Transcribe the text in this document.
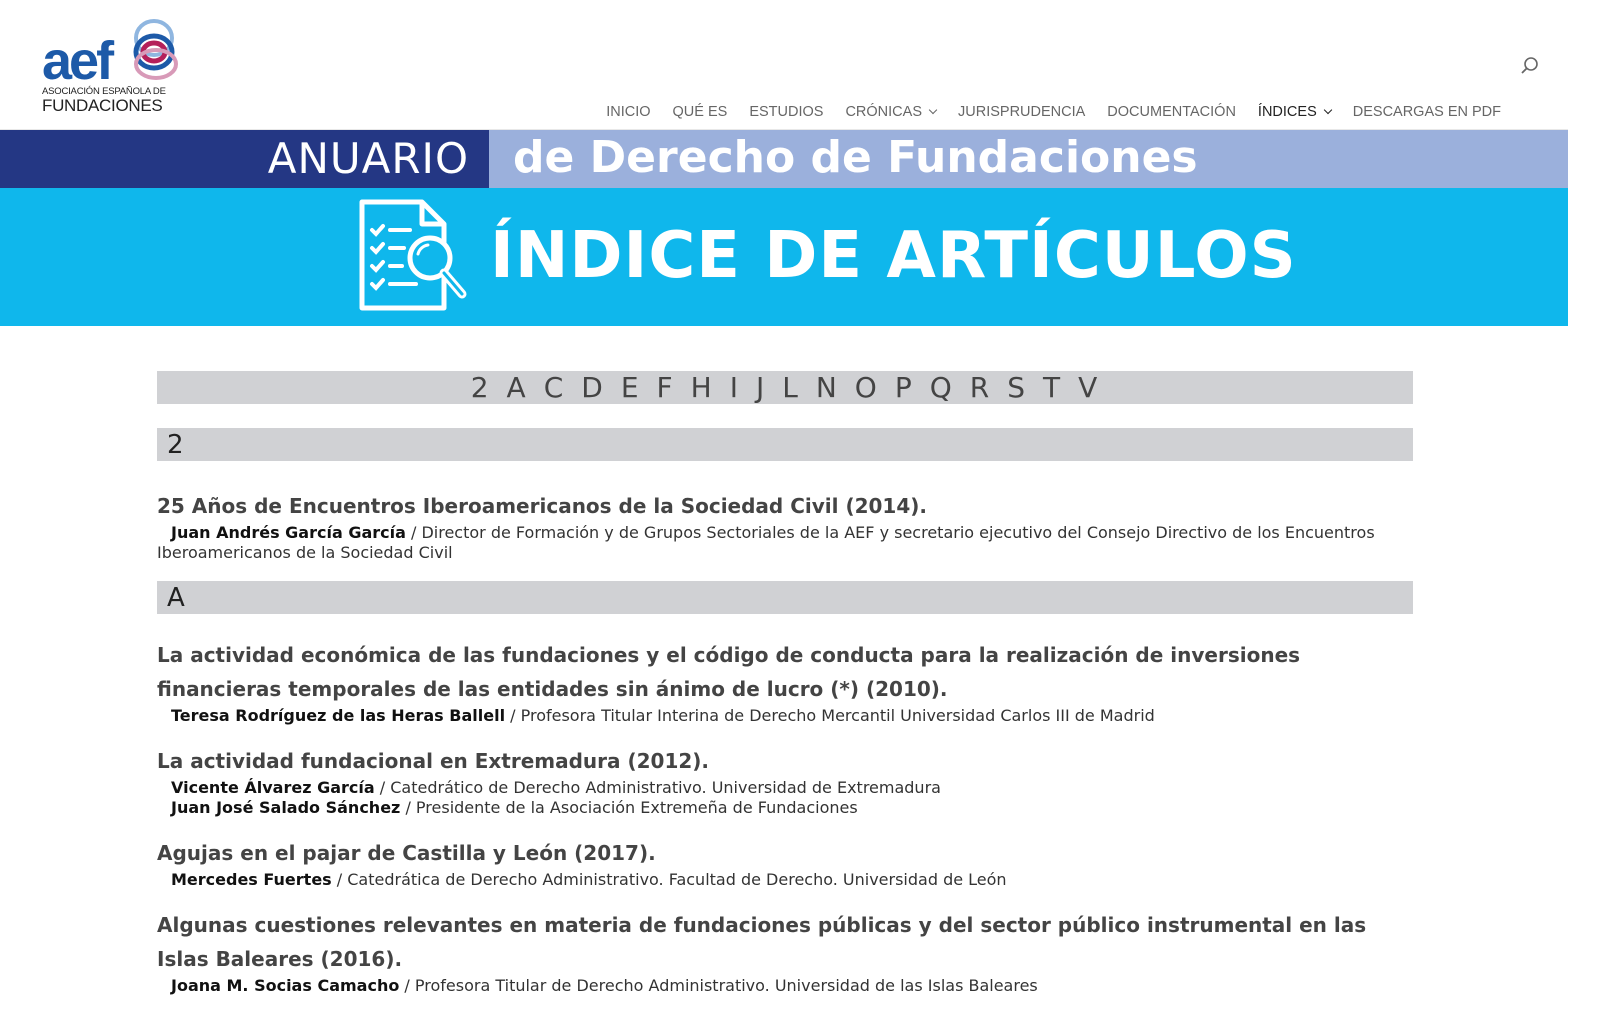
aef
ASOCIACIÓN ESPAÑOLA DE
FUNDACIONES	INICIO QUÉ ES ESTUDIOS CRÓNICAS JURISPRUDENCIA DOCUMENTACIÓN ÍNDICES DESCARGAS EN PDF
ANUARIO de Derecho de Fundaciones
ÍNDICE DE ARTÍCULOS
2 A C D E F H I J L N O P Q R S T V
2
25 Años de Encuentros Iberoamericanos de la Sociedad Civil (2014).
Juan Andrés García García / Director de Formación y de Grupos Sectoriales de la AEF y secretario ejecutivo del Consejo Directivo de los Encuentros Iberoamericanos de la Sociedad Civil
A
La actividad económica de las fundaciones y el código de conducta para la realización de inversiones financieras temporales de las entidades sin ánimo de lucro (*) (2010).
Teresa Rodríguez de las Heras Ballell / Profesora Titular Interina de Derecho Mercantil Universidad Carlos III de Madrid
La actividad fundacional en Extremadura (2012).
Vicente Álvarez García / Catedrático de Derecho Administrativo. Universidad de Extremadura
Juan José Salado Sánchez / Presidente de la Asociación Extremeña de Fundaciones
Agujas en el pajar de Castilla y León (2017).
Mercedes Fuertes / Catedrática de Derecho Administrativo. Facultad de Derecho. Universidad de León
Algunas cuestiones relevantes en materia de fundaciones públicas y del sector público instrumental en las Islas Baleares (2016).
Joana M. Socias Camacho / Profesora Titular de Derecho Administrativo. Universidad de las Islas Baleares
